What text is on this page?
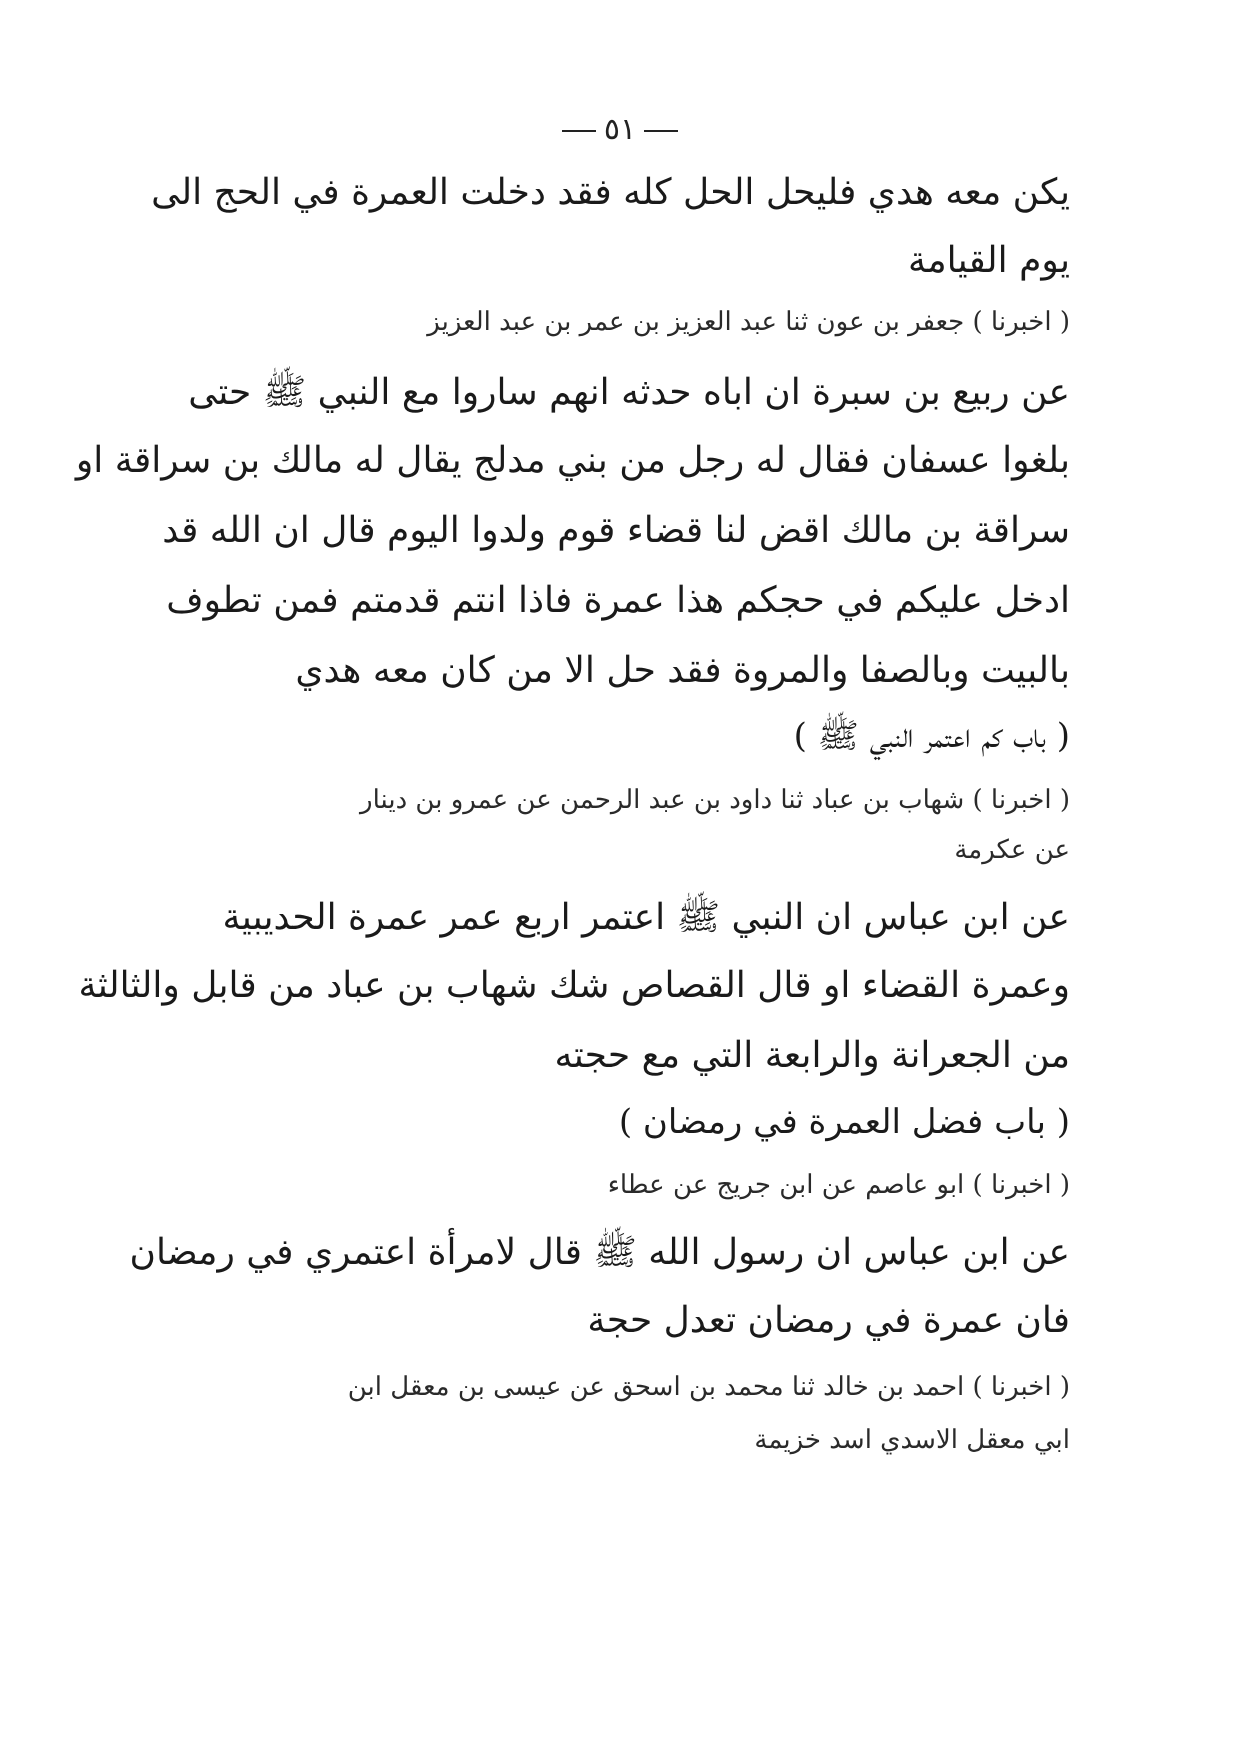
٥١
يكن معه هدي فليحل الحل كله فقد دخلت العمرة في الحج الى
يوم القيامة
( اخبرنا ) جعفر بن عون ثنا عبد العزيز بن عمر بن عبد العزيز
عن ربيع بن سبرة ان اباه حدثه انهم ساروا مع النبي ﷺ حتى
بلغوا عسفان فقال له رجل من بني مدلج يقال له مالك بن سراقة او
سراقة بن مالك اقض لنا قضاء قوم ولدوا اليوم قال ان الله قد
ادخل عليكم في حجكم هذا عمرة فاذا انتم قدمتم فمن تطوف
بالبيت وبالصفا والمروة فقد حل الا من كان معه هدي
( باب كم اعتمر النبي ﷺ )
( اخبرنا ) شهاب بن عباد ثنا داود بن عبد الرحمن عن عمرو بن دينار
عن عكرمة
عن ابن عباس ان النبي ﷺ اعتمر اربع عمر عمرة الحديبية
وعمرة القضاء او قال القصاص شك شهاب بن عباد من قابل والثالثة
من الجعرانة والرابعة التي مع حجته
( باب فضل العمرة في رمضان )
( اخبرنا ) ابو عاصم عن ابن جريج عن عطاء
عن ابن عباس ان رسول الله ﷺ قال لامرأة اعتمري في رمضان
فان عمرة في رمضان تعدل حجة
( اخبرنا ) احمد بن خالد ثنا محمد بن اسحق عن عيسى بن معقل ابن
ابي معقل الاسدي اسد خزيمة
